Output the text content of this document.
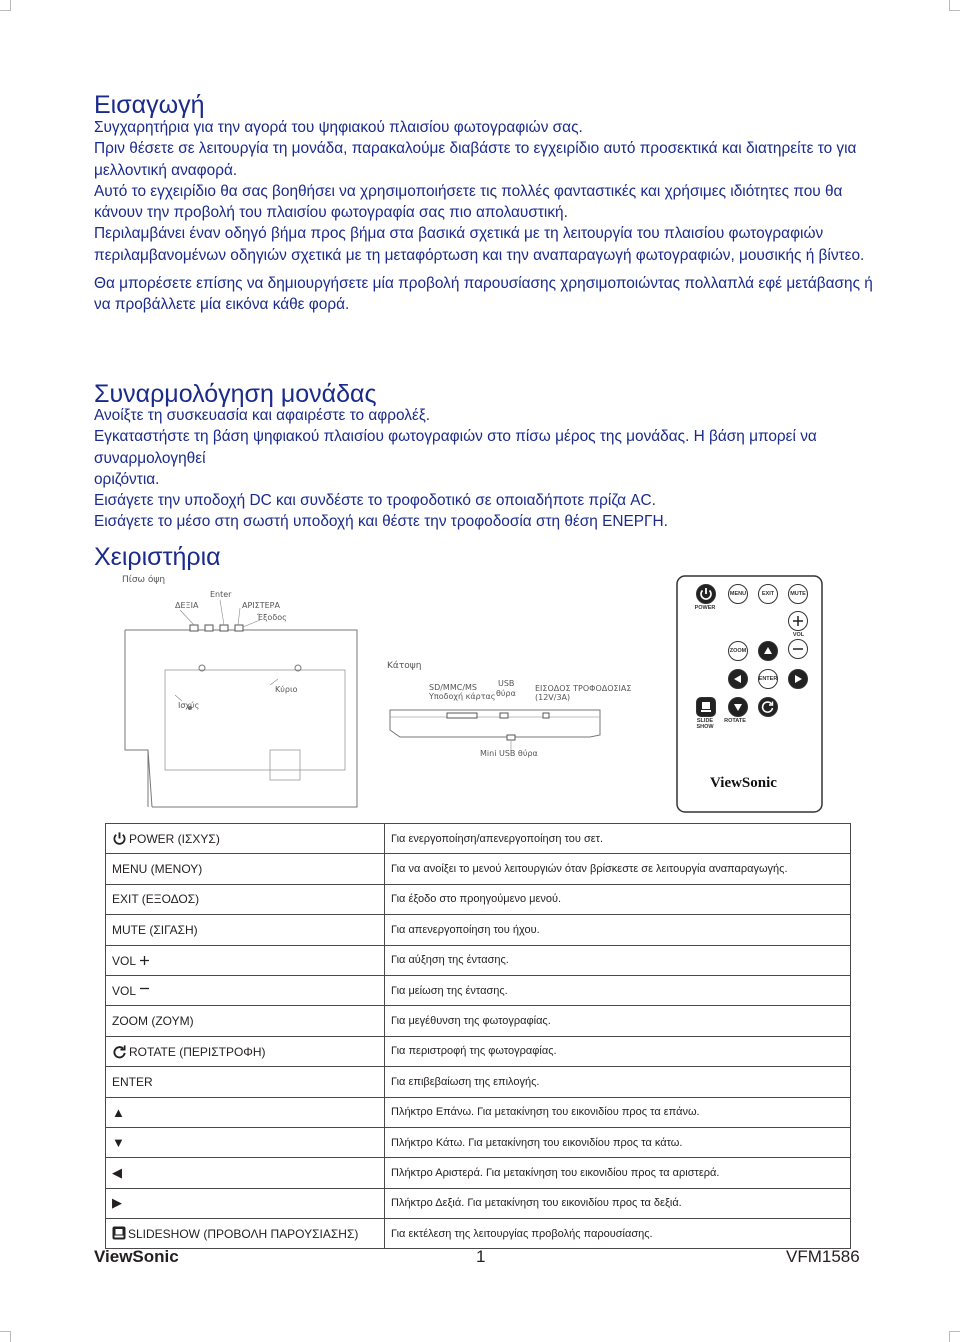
Εισαγωγή

Συγχαρητήρια για την αγορά του ψηφιακού πλαισίου φωτογραφιών σας.

Πριν θέσετε σε λειτουργία τη μονάδα, παρακαλούμε διαβάστε το εγχειρίδιο αυτό προσεκτικά και διατηρείτε το για μελλοντική αναφορά.

Αυτό το εγχειρίδιο θα σας βοηθήσει να χρησιμοποιήσετε τις πολλές φανταστικές και χρήσιμες ιδιότητες που θα κάνουν την προβολή του πλαισίου φωτογραφία σας πιο απολαυστική.

Περιλαμβάνει έναν οδηγό βήμα προς βήμα στα βασικά σχετικά με τη λειτουργία του πλαισίου φωτογραφιών περιλαμβανομένων οδηγιών σχετικά με τη μεταφόρτωση και την αναπαραγωγή φωτογραφιών, μουσικής ή βίντεο.

Θα μπορέσετε επίσης να δημιουργήσετε μία προβολή παρουσίασης χρησιμοποιώντας πολλαπλά εφέ μετάβασης ή να προβάλλετε μία εικόνα κάθε φορά.

Συναρμολόγηση μονάδας

Ανοίξτε τη συσκευασία και αφαιρέστε το αφρολέξ.

Εγκαταστήστε τη βάση ψηφιακού πλαισίου φωτογραφιών στο πίσω μέρος της μονάδας. Η βάση μπορεί να συναρμολογηθεί

οριζόντια.

Εισάγετε την υποδοχή DC και συνδέστε το τροφοδοτικό σε οποιαδήποτε πρίζα AC.

Εισάγετε το μέσο στη σωστή υποδοχή και θέστε την τροφοδοσία στη θέση ΕΝΕΡΓΗ.

Χειριστήρια
Πίσω όψη
Enter
ΔΕΞΙΑ	ΑΡΙΣΤΕΡΑ
Έξοδος
Κύριο
Ισχύς
Κάτοψη
SD/MMC/MS
Υποδοχή κάρτας
USB
θύρα
ΕΙΣΟΔΟΣ ΤΡΟΦΟΔΟΣΙΑΣ
(12V/3A)
Mini USB θύρα
POWER
MENU	EXIT	MUTE
VOL
ZOOM
ENTER
SLIDE
SHOW
ROTATE
ViewSonic
POWER (ΙΣΧΥΣ)	Για ενεργοποίηση/απενεργοποίηση του σετ.
MENU (ΜΕΝΟΥ)	Για να ανοίξει το μενού λειτουργιών όταν βρίσκεστε σε λειτουργία αναπαραγωγής.
EXIT (ΕΞΟΔΟΣ)	Για έξοδο στο προηγούμενο μενού.
MUTE (ΣΙΓΑΣΗ)	Για απενεργοποίηση του ήχου.
VOL	Για αύξηση της έντασης.
VOL	Για μείωση της έντασης.
ZOOM (ΖΟΥΜ)	Για μεγέθυνση της φωτογραφίας.
ROTATE (ΠΕΡΙΣΤΡΟΦΗ)	Για περιστροφή της φωτογραφίας.
ENTER	Για επιβεβαίωση της επιλογής.
▲	Πλήκτρο Επάνω. Για μετακίνηση του εικονιδίου προς τα επάνω.
▼	Πλήκτρο Κάτω. Για μετακίνηση του εικονιδίου προς τα κάτω.
◀	Πλήκτρο Αριστερά. Για μετακίνηση του εικονιδίου προς τα αριστερά.
▶	Πλήκτρο Δεξιά. Για μετακίνηση του εικονιδίου προς τα δεξιά.
SLIDESHOW (ΠΡΟΒΟΛΗ ΠΑΡΟΥΣΙΑΣΗΣ)	Για εκτέλεση της λειτουργίας προβολής παρουσίασης.
ViewSonic	1	VFM1586
